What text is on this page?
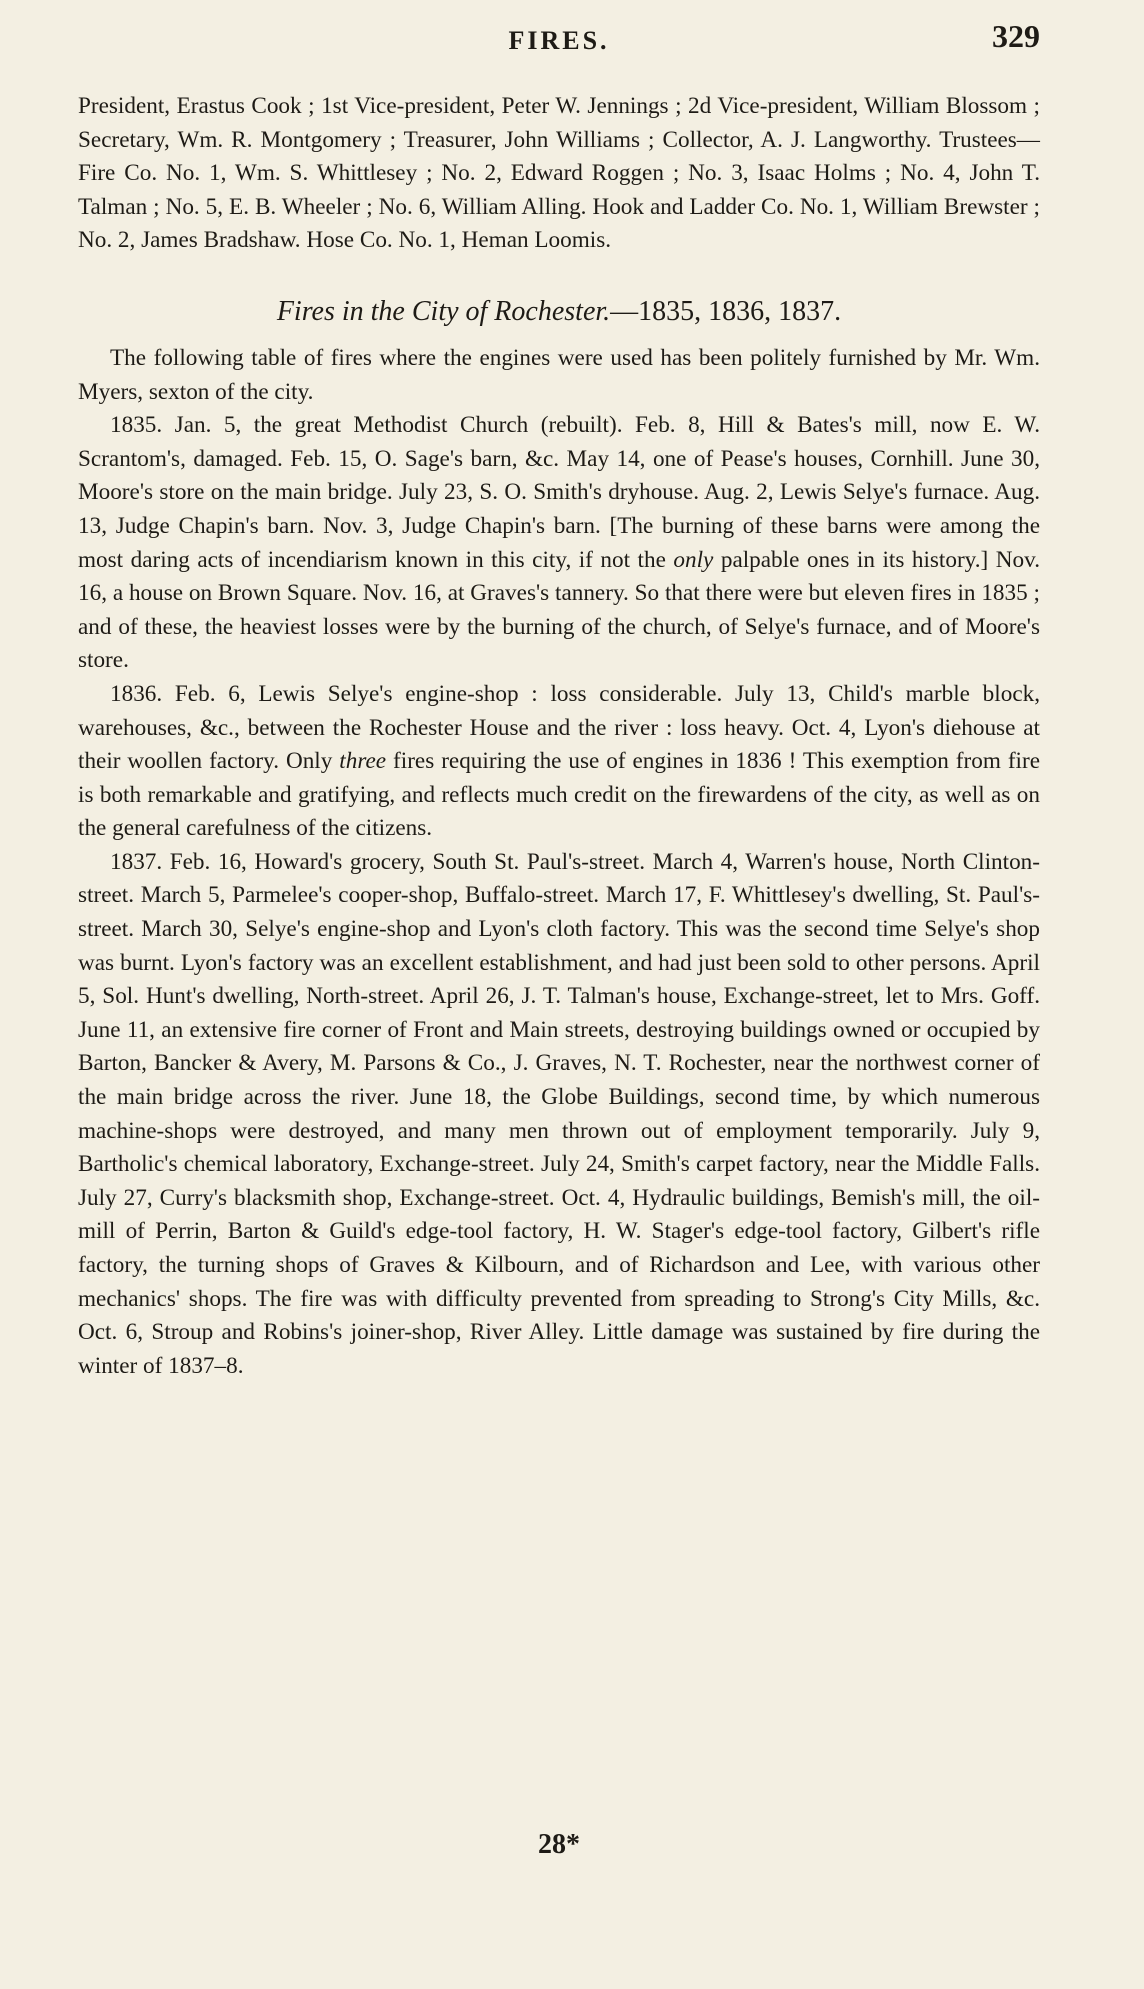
FIRES.	329

President, Erastus Cook ; 1st Vice-president, Peter W. Jennings ; 2d Vice-president, William Blossom ; Secretary, Wm. R. Montgomery ; Treasurer, John Williams ; Collector, A. J. Langworthy. Trustees— Fire Co. No. 1, Wm. S. Whittlesey ; No. 2, Edward Roggen ; No. 3, Isaac Holms ; No. 4, John T. Talman ; No. 5, E. B. Wheeler ; No. 6, William Alling. Hook and Ladder Co. No. 1, William Brewster ; No. 2, James Bradshaw. Hose Co. No. 1, Heman Loomis.

Fires in the City of Rochester.—1835, 1836, 1837.

The following table of fires where the engines were used has been politely furnished by Mr. Wm. Myers, sexton of the city.

1835. Jan. 5, the great Methodist Church (rebuilt). Feb. 8, Hill & Bates's mill, now E. W. Scrantom's, damaged. Feb. 15, O. Sage's barn, &c. May 14, one of Pease's houses, Cornhill. June 30, Moore's store on the main bridge. July 23, S. O. Smith's dryhouse. Aug. 2, Lewis Selye's furnace. Aug. 13, Judge Chapin's barn. Nov. 3, Judge Chapin's barn. [The burning of these barns were among the most daring acts of incendiarism known in this city, if not the only palpable ones in its history.] Nov. 16, a house on Brown Square. Nov. 16, at Graves's tannery. So that there were but eleven fires in 1835 ; and of these, the heaviest losses were by the burning of the church, of Selye's furnace, and of Moore's store.

1836. Feb. 6, Lewis Selye's engine-shop : loss considerable. July 13, Child's marble block, warehouses, &c., between the Rochester House and the river : loss heavy. Oct. 4, Lyon's diehouse at their woollen factory. Only three fires requiring the use of engines in 1836 ! This exemption from fire is both remarkable and gratifying, and reflects much credit on the firewardens of the city, as well as on the general carefulness of the citizens.

1837. Feb. 16, Howard's grocery, South St. Paul's-street. March 4, Warren's house, North Clinton-street. March 5, Parmelee's cooper-shop, Buffalo-street. March 17, F. Whittlesey's dwelling, St. Paul's-street. March 30, Selye's engine-shop and Lyon's cloth factory. This was the second time Selye's shop was burnt. Lyon's factory was an excellent establishment, and had just been sold to other persons. April 5, Sol. Hunt's dwelling, North-street. April 26, J. T. Talman's house, Exchange-street, let to Mrs. Goff. June 11, an extensive fire corner of Front and Main streets, destroying buildings owned or occupied by Barton, Bancker & Avery, M. Parsons & Co., J. Graves, N. T. Rochester, near the northwest corner of the main bridge across the river. June 18, the Globe Buildings, second time, by which numerous machine-shops were destroyed, and many men thrown out of employment temporarily. July 9, Bartholic's chemical laboratory, Exchange-street. July 24, Smith's carpet factory, near the Middle Falls. July 27, Curry's blacksmith shop, Exchange-street. Oct. 4, Hydraulic buildings, Bemish's mill, the oil-mill of Perrin, Barton & Guild's edge-tool factory, H. W. Stager's edge-tool factory, Gilbert's rifle factory, the turning shops of Graves & Kilbourn, and of Richardson and Lee, with various other mechanics' shops. The fire was with difficulty prevented from spreading to Strong's City Mills, &c. Oct. 6, Stroup and Robins's joiner-shop, River Alley. Little damage was sustained by fire during the winter of 1837–8.

28*
